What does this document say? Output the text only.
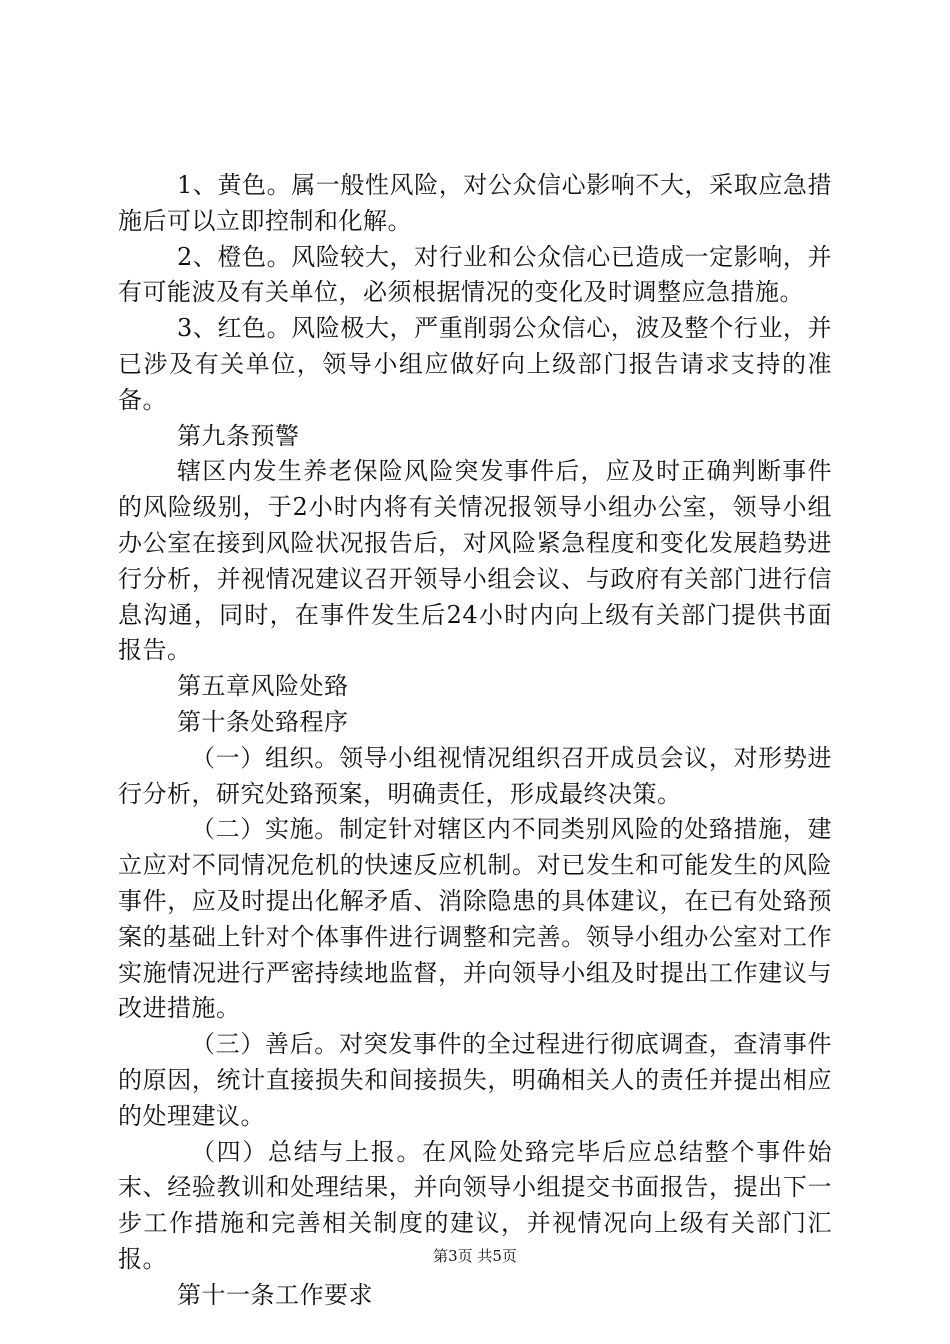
1、黄色。属一般性风险，对公众信心影响不大，采取应急措施后可以立即控制和化解。

2、橙色。风险较大，对行业和公众信心已造成一定影响，并有可能波及有关单位，必须根据情况的变化及时调整应急措施。

3、红色。风险极大，严重削弱公众信心，波及整个行业，并已涉及有关单位，领导小组应做好向上级部门报告请求支持的准备。

第九条预警

辖区内发生养老保险风险突发事件后，应及时正确判断事件的风险级别，于2小时内将有关情况报领导小组办公室，领导小组办公室在接到风险状况报告后，对风险紧急程度和变化发展趋势进行分析，并视情况建议召开领导小组会议、与政府有关部门进行信息沟通，同时，在事件发生后24小时内向上级有关部门提供书面报告。

第五章风险处臵

第十条处臵程序

（一）组织。领导小组视情况组织召开成员会议，对形势进行分析，研究处臵预案，明确责任，形成最终决策。

（二）实施。制定针对辖区内不同类别风险的处臵措施，建立应对不同情况危机的快速反应机制。对已发生和可能发生的风险事件，应及时提出化解矛盾、消除隐患的具体建议，在已有处臵预案的基础上针对个体事件进行调整和完善。领导小组办公室对工作实施情况进行严密持续地监督，并向领导小组及时提出工作建议与改进措施。

（三）善后。对突发事件的全过程进行彻底调查，查清事件的原因，统计直接损失和间接损失，明确相关人的责任并提出相应的处理建议。

（四）总结与上报。在风险处臵完毕后应总结整个事件始末、经验教训和处理结果，并向领导小组提交书面报告，提出下一步工作措施和完善相关制度的建议，并视情况向上级有关部门汇报。

第十一条工作要求

第3页 共5页
